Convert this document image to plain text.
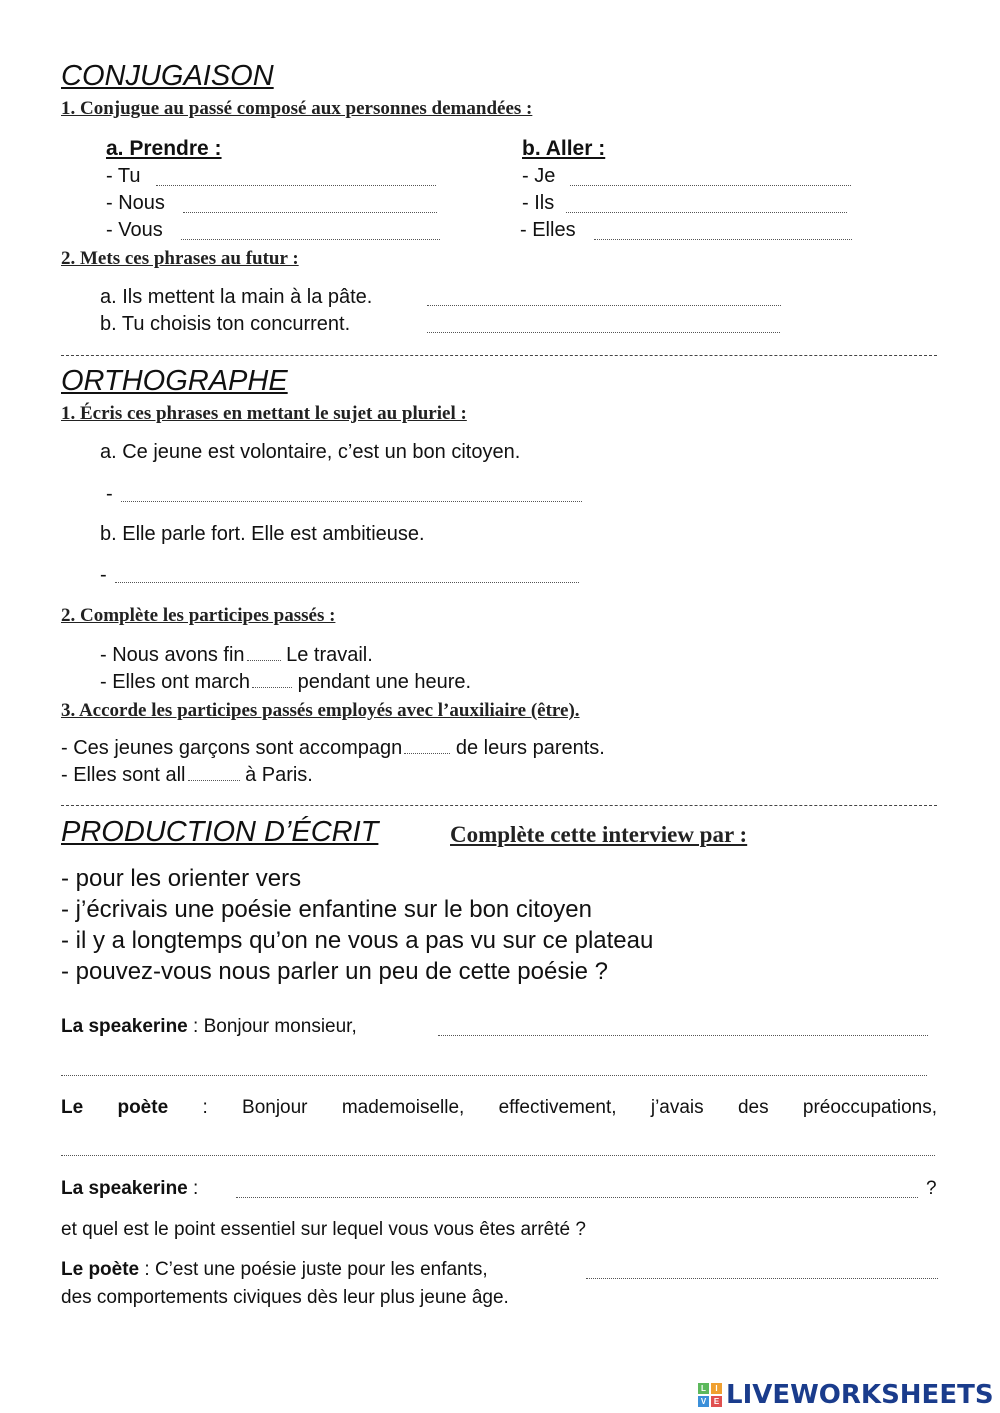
CONJUGAISON
1. Conjugue au passé composé aux personnes demandées :
a. Prendre :
- Tu
- Nous
- Vous
b. Aller :
- Je
- Ils
- Elles
2. Mets ces phrases au futur :
a. Ils mettent la main à la pâte.
b. Tu choisis ton concurrent.
ORTHOGRAPHE
1. Écris ces phrases en mettant le sujet au pluriel :
a. Ce jeune est volontaire, c’est un bon citoyen.
-
b. Elle parle fort. Elle est ambitieuse.
-
2. Complète les participes passés :
- Nous avons fin Le travail.
- Elles ont march pendant une heure.
3. Accorde les participes passés employés avec l’auxiliaire (être).
- Ces jeunes garçons sont accompagn	de leurs parents.
- Elles sont all	à Paris.
PRODUCTION D’ÉCRIT	Complète cette interview par :
- pour les orienter vers
- j’écrivais une poésie enfantine sur le bon citoyen
- il y a longtemps qu’on ne vous a pas vu sur ce plateau
- pouvez-vous nous parler un peu de cette poésie ?
La speakerine : Bonjour monsieur,
Le poète : Bonjour mademoiselle, effectivement, j’avais des préoccupations,
La speakerine :	?
et quel est le point essentiel sur lequel vous vous êtes arrêté ?
Le poète : C’est une poésie juste pour les enfants,
des comportements civiques dès leur plus jeune âge.
L	I
V E LIVEWORKSHEETS
